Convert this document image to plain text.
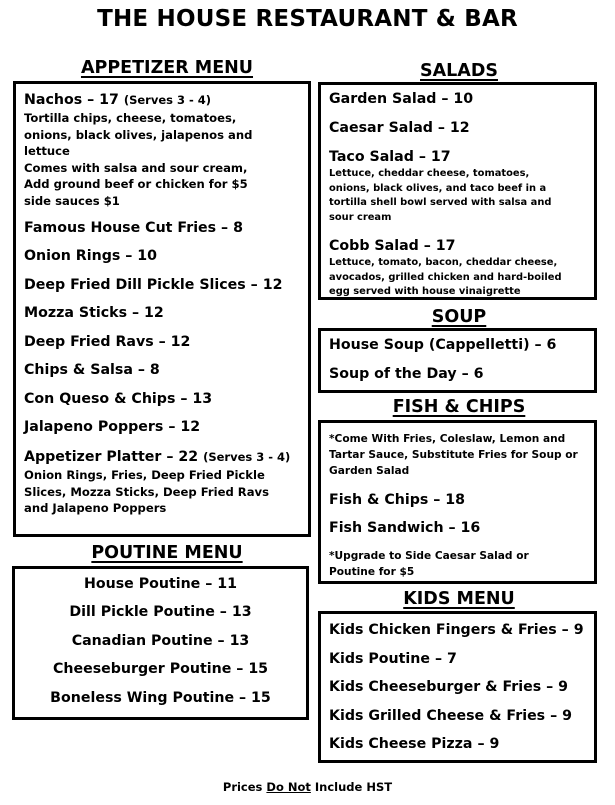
THE HOUSE RESTAURANT & BAR
APPETIZER MENU
Nachos – 17 (Serves 3 - 4)
Tortilla chips, cheese, tomatoes,
onions, black olives, jalapenos and
lettuce
Comes with salsa and sour cream,
Add ground beef or chicken for $5
side sauces $1
Famous House Cut Fries – 8
Onion Rings – 10
Deep Fried Dill Pickle Slices – 12
Mozza Sticks – 12
Deep Fried Ravs – 12
Chips & Salsa – 8
Con Queso & Chips – 13
Jalapeno Poppers – 12
Appetizer Platter – 22 (Serves 3 - 4)
Onion Rings, Fries, Deep Fried Pickle
Slices, Mozza Sticks, Deep Fried Ravs
and Jalapeno Poppers
POUTINE MENU
House Poutine – 11
Dill Pickle Poutine – 13
Canadian Poutine – 13
Cheeseburger Poutine – 15
Boneless Wing Poutine – 15
SALADS
Garden Salad – 10
Caesar Salad – 12
Taco Salad – 17
Lettuce, cheddar cheese, tomatoes,
onions, black olives, and taco beef in a
tortilla shell bowl served with salsa and
sour cream
Cobb Salad – 17
Lettuce, tomato, bacon, cheddar cheese,
avocados, grilled chicken and hard-boiled
egg served with house vinaigrette
SOUP
House Soup (Cappelletti) – 6
Soup of the Day – 6
FISH & CHIPS
*Come With Fries, Coleslaw, Lemon and
Tartar Sauce, Substitute Fries for Soup or
Garden Salad
Fish & Chips – 18
Fish Sandwich – 16
*Upgrade to Side Caesar Salad or
Poutine for $5
KIDS MENU
Kids Chicken Fingers & Fries – 9
Kids Poutine – 7
Kids Cheeseburger & Fries – 9
Kids Grilled Cheese & Fries – 9
Kids Cheese Pizza – 9
Prices Do Not Include HST
